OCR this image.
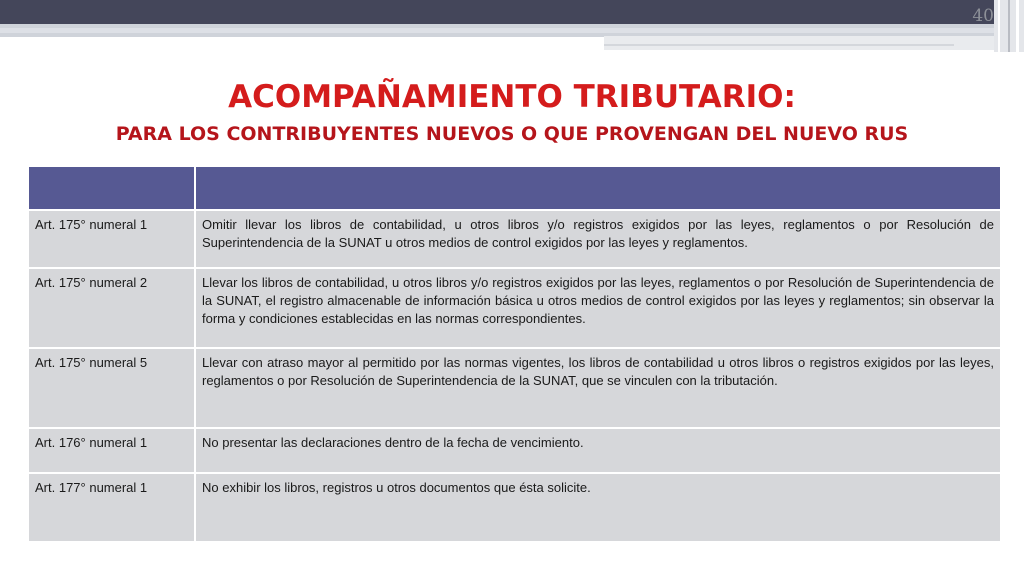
40
ACOMPAÑAMIENTO TRIBUTARIO:
PARA LOS CONTRIBUYENTES NUEVOS O QUE PROVENGAN DEL NUEVO RUS

Art. 175° numeral 1	Omitir llevar los libros de contabilidad, u otros libros y/o registros exigidos por las leyes, reglamentos o por Resolución de Superintendencia de la SUNAT u otros medios de control exigidos por las leyes y reglamentos.
Art. 175° numeral 2	Llevar los libros de contabilidad, u otros libros y/o registros exigidos por las leyes, reglamentos o por Resolución de Superintendencia de la SUNAT, el registro almacenable de información básica u otros medios de control exigidos por las leyes y reglamentos; sin observar la forma y condiciones establecidas en las normas correspondientes.
Art. 175° numeral 5	Llevar con atraso mayor al permitido por las normas vigentes, los libros de contabilidad u otros libros o registros exigidos por las leyes, reglamentos o por Resolución de Superintendencia de la SUNAT, que se vinculen con la tributación.
Art. 176° numeral 1	No presentar las declaraciones dentro de la fecha de vencimiento.
Art. 177° numeral 1	No exhibir los libros, registros u otros documentos que ésta solicite.
